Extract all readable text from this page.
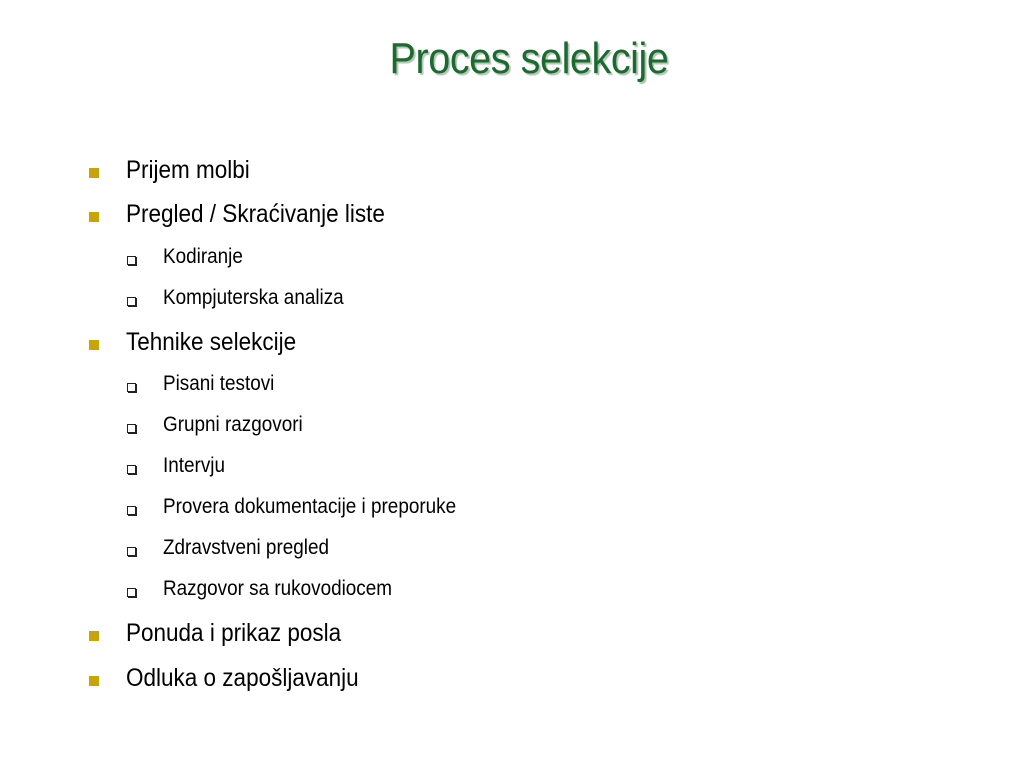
Proces selekcije
Prijem molbi
Pregled / Skraćivanje liste
Kodiranje
Kompjuterska analiza
Tehnike selekcije
Pisani testovi
Grupni razgovori
Intervju
Provera dokumentacije i preporuke
Zdravstveni pregled
Razgovor sa rukovodiocem
Ponuda i prikaz posla
Odluka o zapošljavanju
